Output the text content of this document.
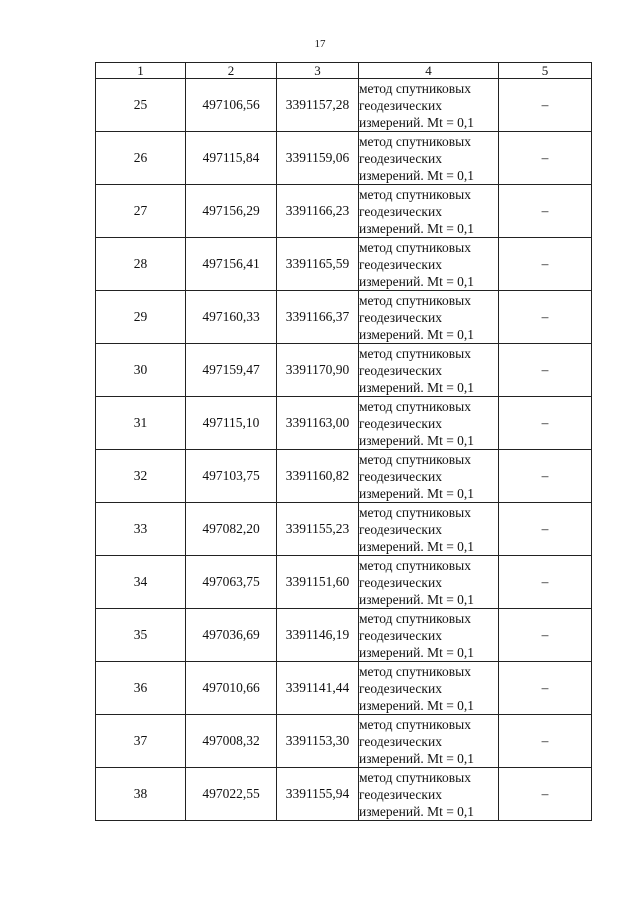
17
1	2	3	4	5
25	497106,56	3391157,28	метод спутниковых
геодезических
измерений. Mt = 0,1	–
26	497115,84	3391159,06	метод спутниковых
геодезических
измерений. Mt = 0,1	–
27	497156,29	3391166,23	метод спутниковых
геодезических
измерений. Mt = 0,1	–
28	497156,41	3391165,59	метод спутниковых
геодезических
измерений. Mt = 0,1	–
29	497160,33	3391166,37	метод спутниковых
геодезических
измерений. Mt = 0,1	–
30	497159,47	3391170,90	метод спутниковых
геодезических
измерений. Mt = 0,1	–
31	497115,10	3391163,00	метод спутниковых
геодезических
измерений. Mt = 0,1	–
32	497103,75	3391160,82	метод спутниковых
геодезических
измерений. Mt = 0,1	–
33	497082,20	3391155,23	метод спутниковых
геодезических
измерений. Mt = 0,1	–
34	497063,75	3391151,60	метод спутниковых
геодезических
измерений. Mt = 0,1	–
35	497036,69	3391146,19	метод спутниковых
геодезических
измерений. Mt = 0,1	–
36	497010,66	3391141,44	метод спутниковых
геодезических
измерений. Mt = 0,1	–
37	497008,32	3391153,30	метод спутниковых
геодезических
измерений. Mt = 0,1	–
38	497022,55	3391155,94	метод спутниковых
геодезических
измерений. Mt = 0,1	–
